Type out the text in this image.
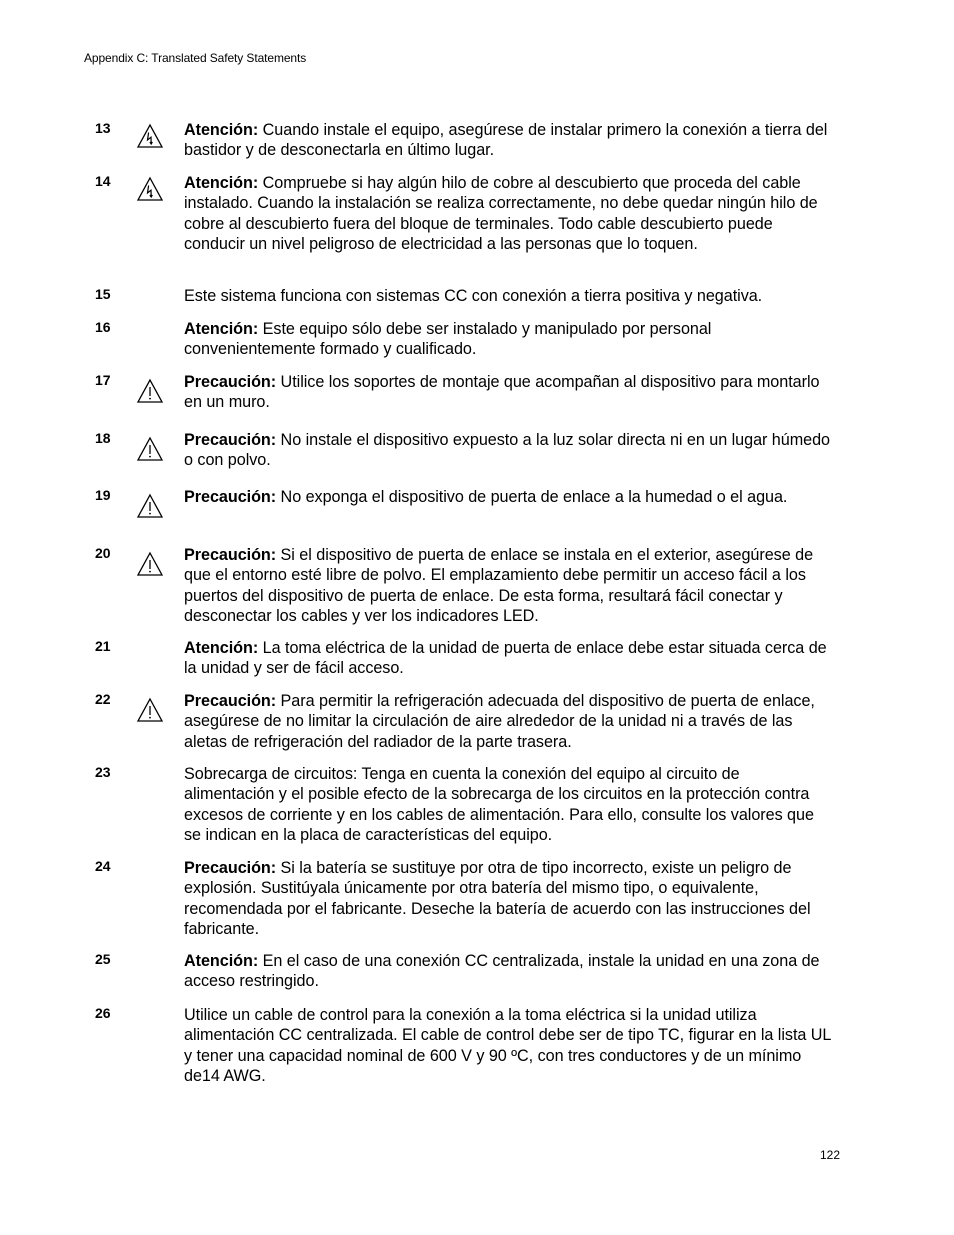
Appendix C: Translated Safety Statements
13	Atención: Cuando instale el equipo, asegúrese de instalar primero la conexión a tierra del bastidor y de desconectarla en último lugar.
14	Atención: Compruebe si hay algún hilo de cobre al descubierto que proceda del cable instalado. Cuando la instalación se realiza correctamente, no debe quedar ningún hilo de cobre al descubierto fuera del bloque de terminales. Todo cable descubierto puede conducir un nivel peligroso de electricidad a las personas que lo toquen.
15	Este sistema funciona con sistemas CC con conexión a tierra positiva y negativa.
16	Atención: Este equipo sólo debe ser instalado y manipulado por personal convenientemente formado y cualificado.
17	Precaución: Utilice los soportes de montaje que acompañan al dispositivo para montarlo en un muro.
18	Precaución: No instale el dispositivo expuesto a la luz solar directa ni en un lugar húmedo o con polvo.
19	Precaución: No exponga el dispositivo de puerta de enlace a la humedad o el agua.
20	Precaución: Si el dispositivo de puerta de enlace se instala en el exterior, asegúrese de que el entorno esté libre de polvo. El emplazamiento debe permitir un acceso fácil a los puertos del dispositivo de puerta de enlace. De esta forma, resultará fácil conectar y desconectar los cables y ver los indicadores LED.
21	Atención: La toma eléctrica de la unidad de puerta de enlace debe estar situada cerca de la unidad y ser de fácil acceso.
22	Precaución: Para permitir la refrigeración adecuada del dispositivo de puerta de enlace, asegúrese de no limitar la circulación de aire alrededor de la unidad ni a través de las aletas de refrigeración del radiador de la parte trasera.
23	Sobrecarga de circuitos: Tenga en cuenta la conexión del equipo al circuito de alimentación y el posible efecto de la sobrecarga de los circuitos en la protección contra excesos de corriente y en los cables de alimentación. Para ello, consulte los valores que se indican en la placa de características del equipo.
24	Precaución: Si la batería se sustituye por otra de tipo incorrecto, existe un peligro de explosión. Sustitúyala únicamente por otra batería del mismo tipo, o equivalente, recomendada por el fabricante. Deseche la batería de acuerdo con las instrucciones del fabricante.
25	Atención: En el caso de una conexión CC centralizada, instale la unidad en una zona de acceso restringido.
26	Utilice un cable de control para la conexión a la toma eléctrica si la unidad utiliza alimentación CC centralizada. El cable de control debe ser de tipo TC, figurar en la lista UL y tener una capacidad nominal de 600 V y 90 ºC, con tres conductores y de un mínimo de14 AWG.
122
